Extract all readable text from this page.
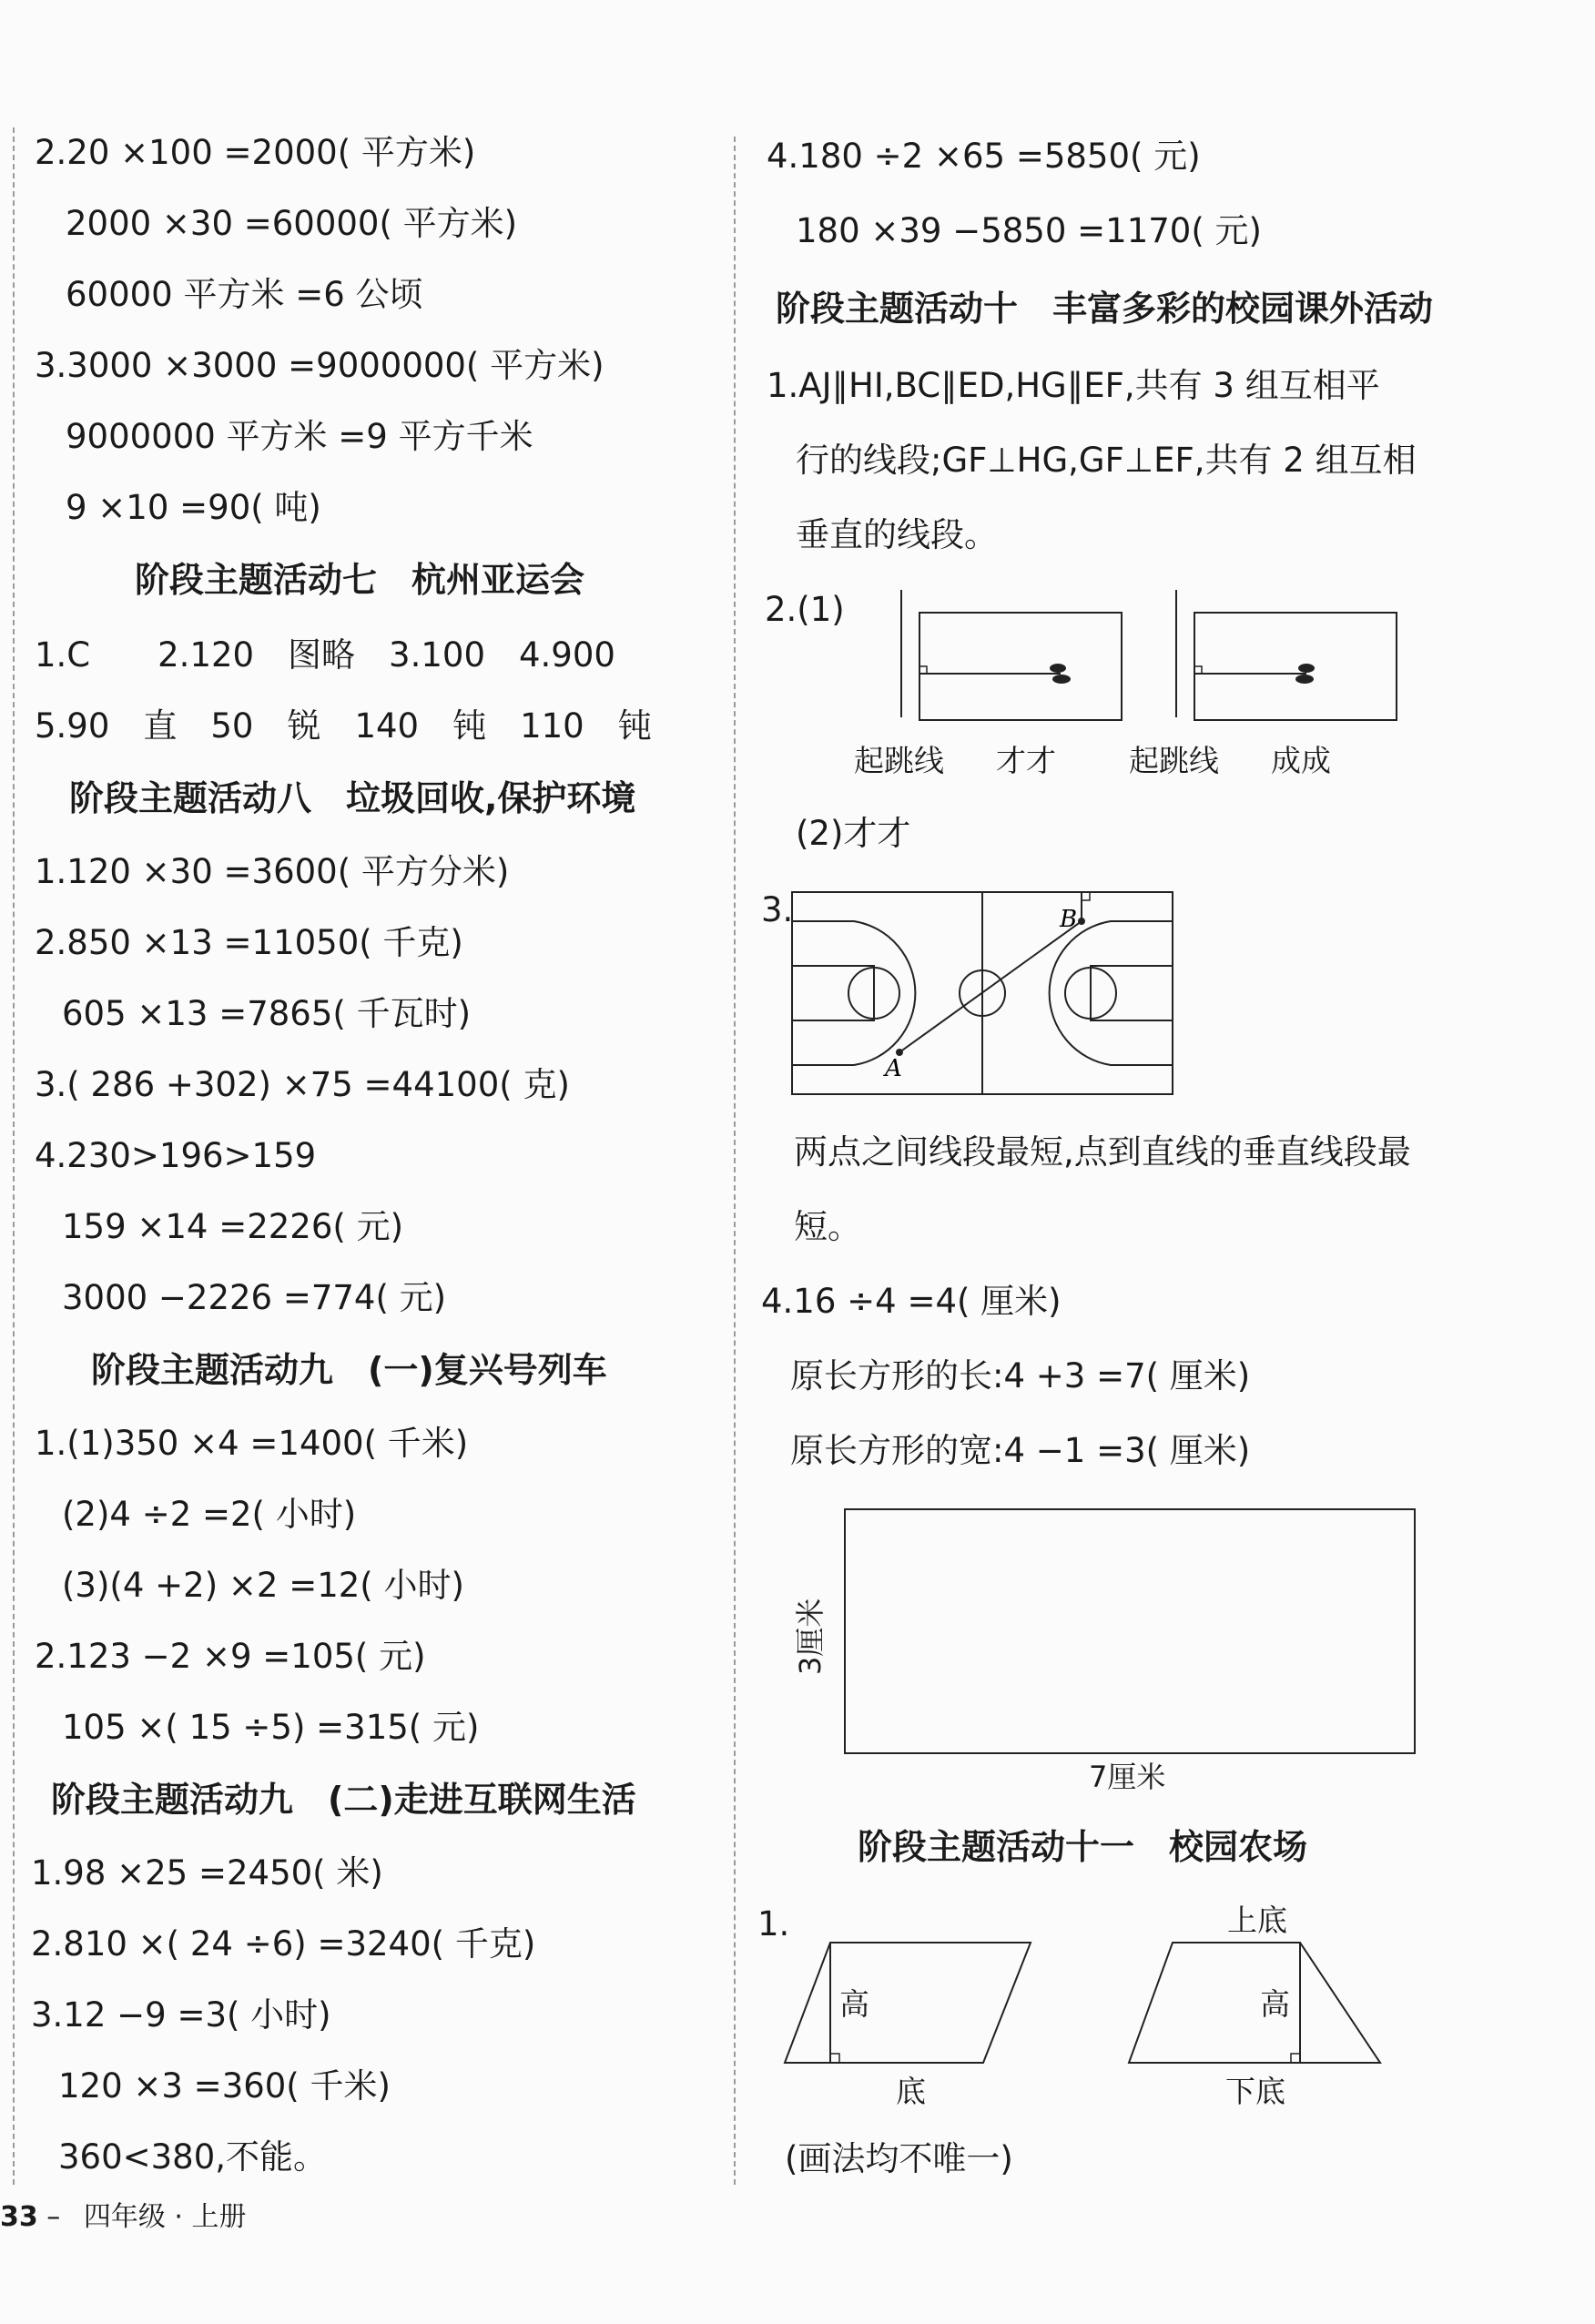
2.20 ×100 =2000( 平方米)
2000 ×30 =60000( 平方米)
60000 平方米 =6 公顷
3.3000 ×3000 =9000000( 平方米)
9000000 平方米 =9 平方千米
9 ×10 =90( 吨)
阶段主题活动七　杭州亚运会
1.C　　2.120　图略　3.100　4.900
5.90　直　50　锐　140　钝　110　钝
阶段主题活动八　垃圾回收,保护环境
1.120 ×30 =3600( 平方分米)
2.850 ×13 =11050( 千克)
605 ×13 =7865( 千瓦时)
3.( 286 +302) ×75 =44100( 克)
4.230>196>159
159 ×14 =2226( 元)
3000 −2226 =774( 元)
阶段主题活动九　(一)复兴号列车
1.(1)350 ×4 =1400( 千米)
(2)4 ÷2 =2( 小时)
(3)(4 +2) ×2 =12( 小时)
2.123 −2 ×9 =105( 元)
105 ×( 15 ÷5) =315( 元)
阶段主题活动九　(二)走进互联网生活
1.98 ×25 =2450( 米)
2.810 ×( 24 ÷6) =3240( 千克)
3.12 −9 =3( 小时)
120 ×3 =360( 千米)
360<380,不能。
4.180 ÷2 ×65 =5850( 元)
180 ×39 −5850 =1170( 元)
阶段主题活动十　丰富多彩的校园课外活动
1.AJ∥HI,BC∥ED,HG∥EF,共有 3 组互相平
行的线段;GF⊥HG,GF⊥EF,共有 2 组互相
垂直的线段。
2.(1)
起跳线 才才 起跳线 成成
(2)才才
3.
A
B
两点之间线段最短,点到直线的垂直线段最
短。
4.16 ÷4 =4( 厘米)
原长方形的长:4 +3 =7( 厘米)
原长方形的宽:4 −1 =3( 厘米)
3厘米
7厘米
阶段主题活动十一　校园农场
1.
高
底
上底
高
下底
(画法均不唯一)
33 – 四年级 · 上册
